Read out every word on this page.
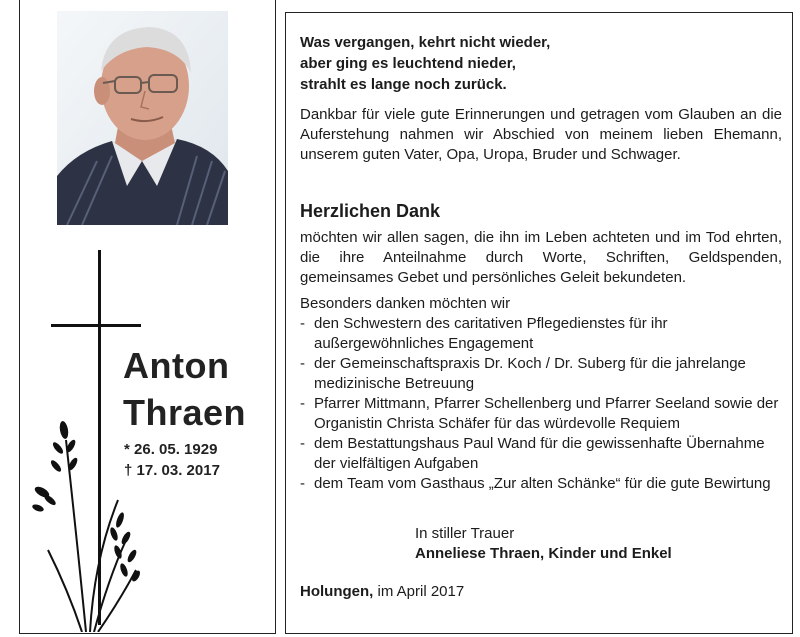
Anton
Thraen
* 26. 05. 1929
† 17. 03. 2017
Was vergangen, kehrt nicht wieder,
aber ging es leuchtend nieder,
strahlt es lange noch zurück.
Dankbar für viele gute Erinnerungen und getragen vom Glauben an die Auferstehung nahmen wir Abschied von meinem lieben Ehemann, unserem guten Vater, Opa, Uropa, Bruder und Schwager.
Herzlichen Dank
möchten wir allen sagen, die ihn im Leben achteten und im Tod ehrten, die ihre Anteilnahme durch Worte, Schriften, Geldspenden, gemeinsames Gebet und persönliches Geleit bekundeten.
Besonders danken möchten wir
- den Schwestern des caritativen Pflegedienstes für ihr außergewöhnliches Engagement
- der Gemeinschaftspraxis Dr. Koch / Dr. Suberg für die jahrelange medizinische Betreuung
- Pfarrer Mittmann, Pfarrer Schellenberg und Pfarrer Seeland sowie der Organistin Christa Schäfer für das würdevolle Requiem
- dem Bestattungshaus Paul Wand für die gewissenhafte Übernahme der vielfältigen Aufgaben
- dem Team vom Gasthaus „Zur alten Schänke“ für die gute Bewirtung
In stiller Trauer
Anneliese Thraen, Kinder und Enkel
Holungen, im April 2017
